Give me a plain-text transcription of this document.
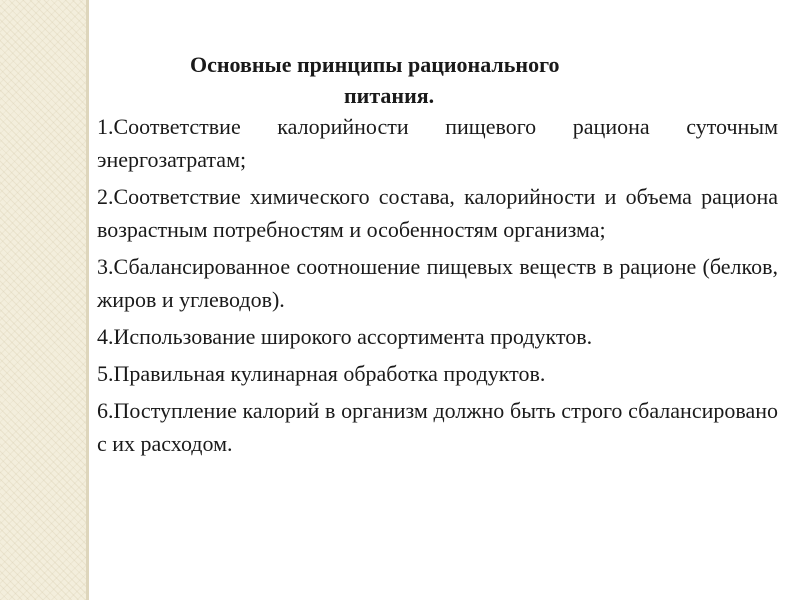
Основные принципы рационального
питания.

1.Соответствие калорийности пищевого рациона суточным энергозатратам;

2.Соответствие химического состава, калорийности и объема рациона возрастным потребностям и особенностям организма;

3.Сбалансированное соотношение пищевых веществ в рационе (белков, жиров и углеводов).

4.Использование широкого ассортимента продуктов.

5.Правильная кулинарная обработка продуктов.

6.Поступление калорий в организм должно быть строго сбалансировано с их расходом.
